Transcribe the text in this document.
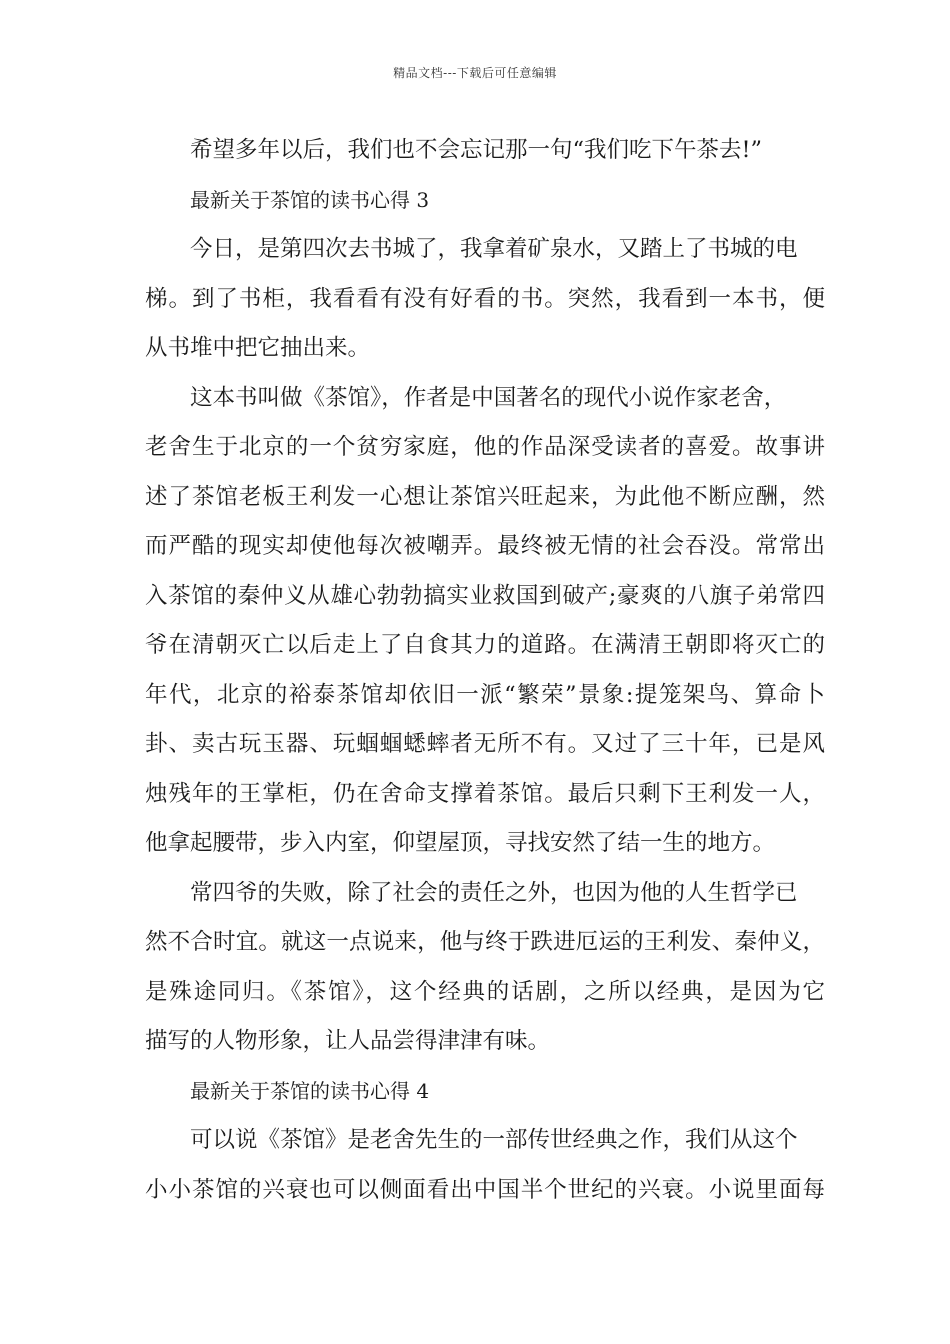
精品文档---下载后可任意编辑
希望多年以后，我们也不会忘记那一句“我们吃下午茶去!”
最新关于茶馆的读书心得 3
今日，是第四次去书城了，我拿着矿泉水，又踏上了书城的电
梯。到了书柜，我看看有没有好看的书。突然，我看到一本书，便
从书堆中把它抽出来。
这本书叫做《茶馆》，作者是中国著名的现代小说作家老舍，
老舍生于北京的一个贫穷家庭，他的作品深受读者的喜爱。故事讲
述了茶馆老板王利发一心想让茶馆兴旺起来，为此他不断应酬，然
而严酷的现实却使他每次被嘲弄。最终被无情的社会吞没。常常出
入茶馆的秦仲义从雄心勃勃搞实业救国到破产;豪爽的八旗子弟常四
爷在清朝灭亡以后走上了自食其力的道路。在满清王朝即将灭亡的
年代，北京的裕泰茶馆却依旧一派“繁荣”景象:提笼架鸟、算命卜
卦、卖古玩玉器、玩蝈蝈蟋蟀者无所不有。又过了三十年，已是风
烛残年的王掌柜，仍在舍命支撑着茶馆。最后只剩下王利发一人，
他拿起腰带，步入内室，仰望屋顶，寻找安然了结一生的地方。
常四爷的失败，除了社会的责任之外，也因为他的人生哲学已
然不合时宜。就这一点说来，他与终于跌进厄运的王利发、秦仲义，
是殊途同归。《茶馆》，这个经典的话剧，之所以经典，是因为它
描写的人物形象，让人品尝得津津有味。
最新关于茶馆的读书心得 4
可以说《茶馆》是老舍先生的一部传世经典之作，我们从这个
小小茶馆的兴衰也可以侧面看出中国半个世纪的兴衰。小说里面每
